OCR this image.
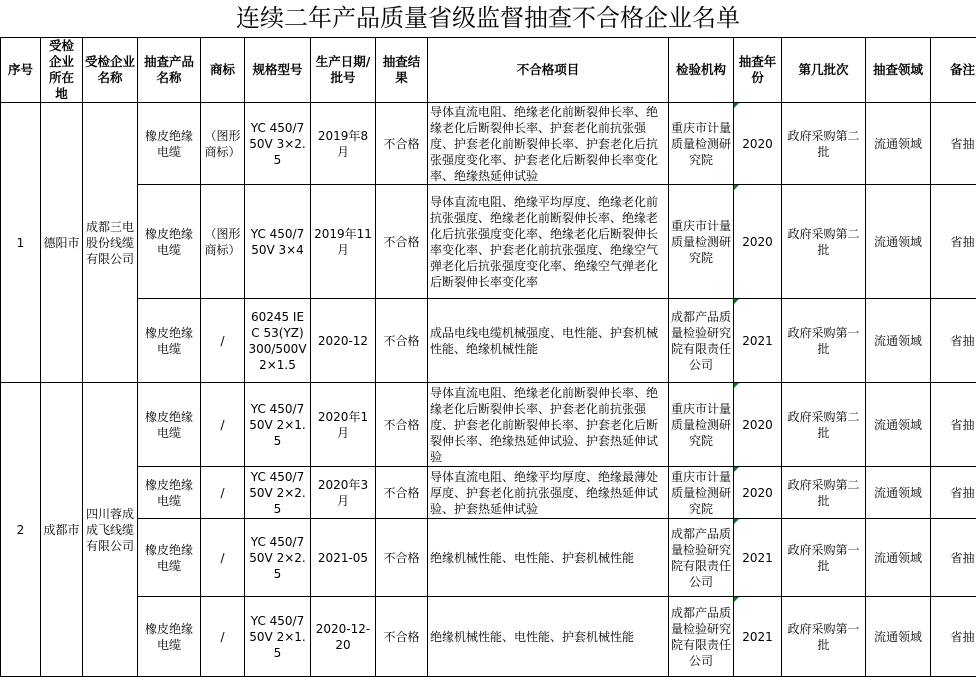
连续二年产品质量省级监督抽查不合格企业名单
序号	受检企业所在地	受检企业名称	抽查产品名称	商标	规格型号	生产日期/批号	抽查结果	不合格项目	检验机构	抽查年份	第几批次	抽查领域	备注
1	德阳市	成都三电股份线缆有限公司	橡皮绝缘电缆	（图形商标）	YC 450/750V 3×2.5	2019年8月	不合格	导体直流电阻、绝缘老化前断裂伸长率、绝缘老化后断裂伸长率、护套老化前抗张强度、护套老化前断裂伸长率、护套老化后抗张强度变化率、护套老化后断裂伸长率变化率、绝缘热延伸试验	重庆市计量质量检测研究院	2020	政府采购第二批	流通领域	省抽
			橡皮绝缘电缆	（图形商标）	YC 450/750V 3×4	2019年11月	不合格	导体直流电阻、绝缘平均厚度、绝缘老化前抗张强度、绝缘老化前断裂伸长率、绝缘老化后抗张强度变化率、绝缘老化后断裂伸长率变化率、护套老化前抗张强度、绝缘空气弹老化后抗张强度变化率、绝缘空气弹老化后断裂伸长率变化率	重庆市计量质量检测研究院	2020	政府采购第二批	流通领域	省抽
			橡皮绝缘电缆	/	60245 IEC 53(YZ) 300/500V 2×1.5	2020-12	不合格	成品电线电缆机械强度、电性能、护套机械性能、绝缘机械性能	成都产品质量检验研究院有限责任公司	2021	政府采购第一批	流通领域	省抽
2	成都市	四川蓉成成飞线缆有限公司	橡皮绝缘电缆	/	YC 450/750V 2×1.5	2020年1月	不合格	导体直流电阻、绝缘老化前断裂伸长率、绝缘老化后断裂伸长率、护套老化前抗张强度、护套老化前断裂伸长率、护套老化后断裂伸长率、绝缘热延伸试验、护套热延伸试验	重庆市计量质量检测研究院	2020	政府采购第二批	流通领域	省抽
			橡皮绝缘电缆	/	YC 450/750V 2×2.5	2020年3月	不合格	导体直流电阻、绝缘平均厚度、绝缘最薄处厚度、护套老化前抗张强度、绝缘热延伸试验、护套热延伸试验	重庆市计量质量检测研究院	2020	政府采购第二批	流通领域	省抽
			橡皮绝缘电缆	/	YC 450/750V 2×2.5	2021-05	不合格	绝缘机械性能、电性能、护套机械性能	成都产品质量检验研究院有限责任公司	2021	政府采购第一批	流通领域	省抽
			橡皮绝缘电缆	/	YC 450/750V 2×1.5	2020-12-20	不合格	绝缘机械性能、电性能、护套机械性能	成都产品质量检验研究院有限责任公司	2021	政府采购第一批	流通领域	省抽
